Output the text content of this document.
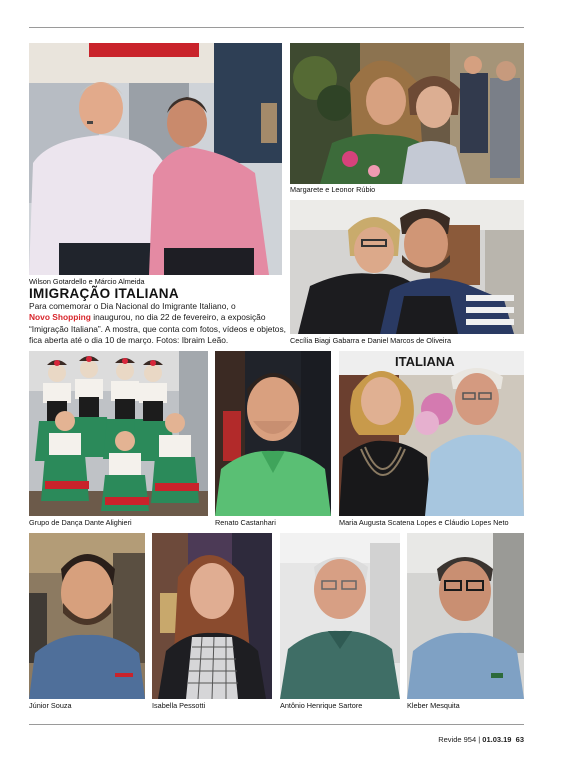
Wilson Gotardello e Márcio Almeida
Margarete e Leonor Rúbio
Cecília Biagi Gabarra e Daniel Marcos de Oliveira
IMIGRAÇÃO ITALIANA
Para comemorar o Dia Nacional do Imigrante Italiano, o
Novo Shopping inaugurou, no dia 22 de fevereiro, a exposição “Imigração Italiana”. A mostra, que conta com fotos, vídeos e objetos, fica aberta até o dia 10 de março. Fotos: Ibraim Leão.
Grupo de Dança Dante Alighieri	Renato Castanhari
ITALIANA
Maria Augusta Scatena Lopes e Cláudio Lopes Neto
Júnior Souza	Isabella Pessotti	Antônio Henrique Sartore	Kleber Mesquita
Revide 954 | 01.03.19 63
